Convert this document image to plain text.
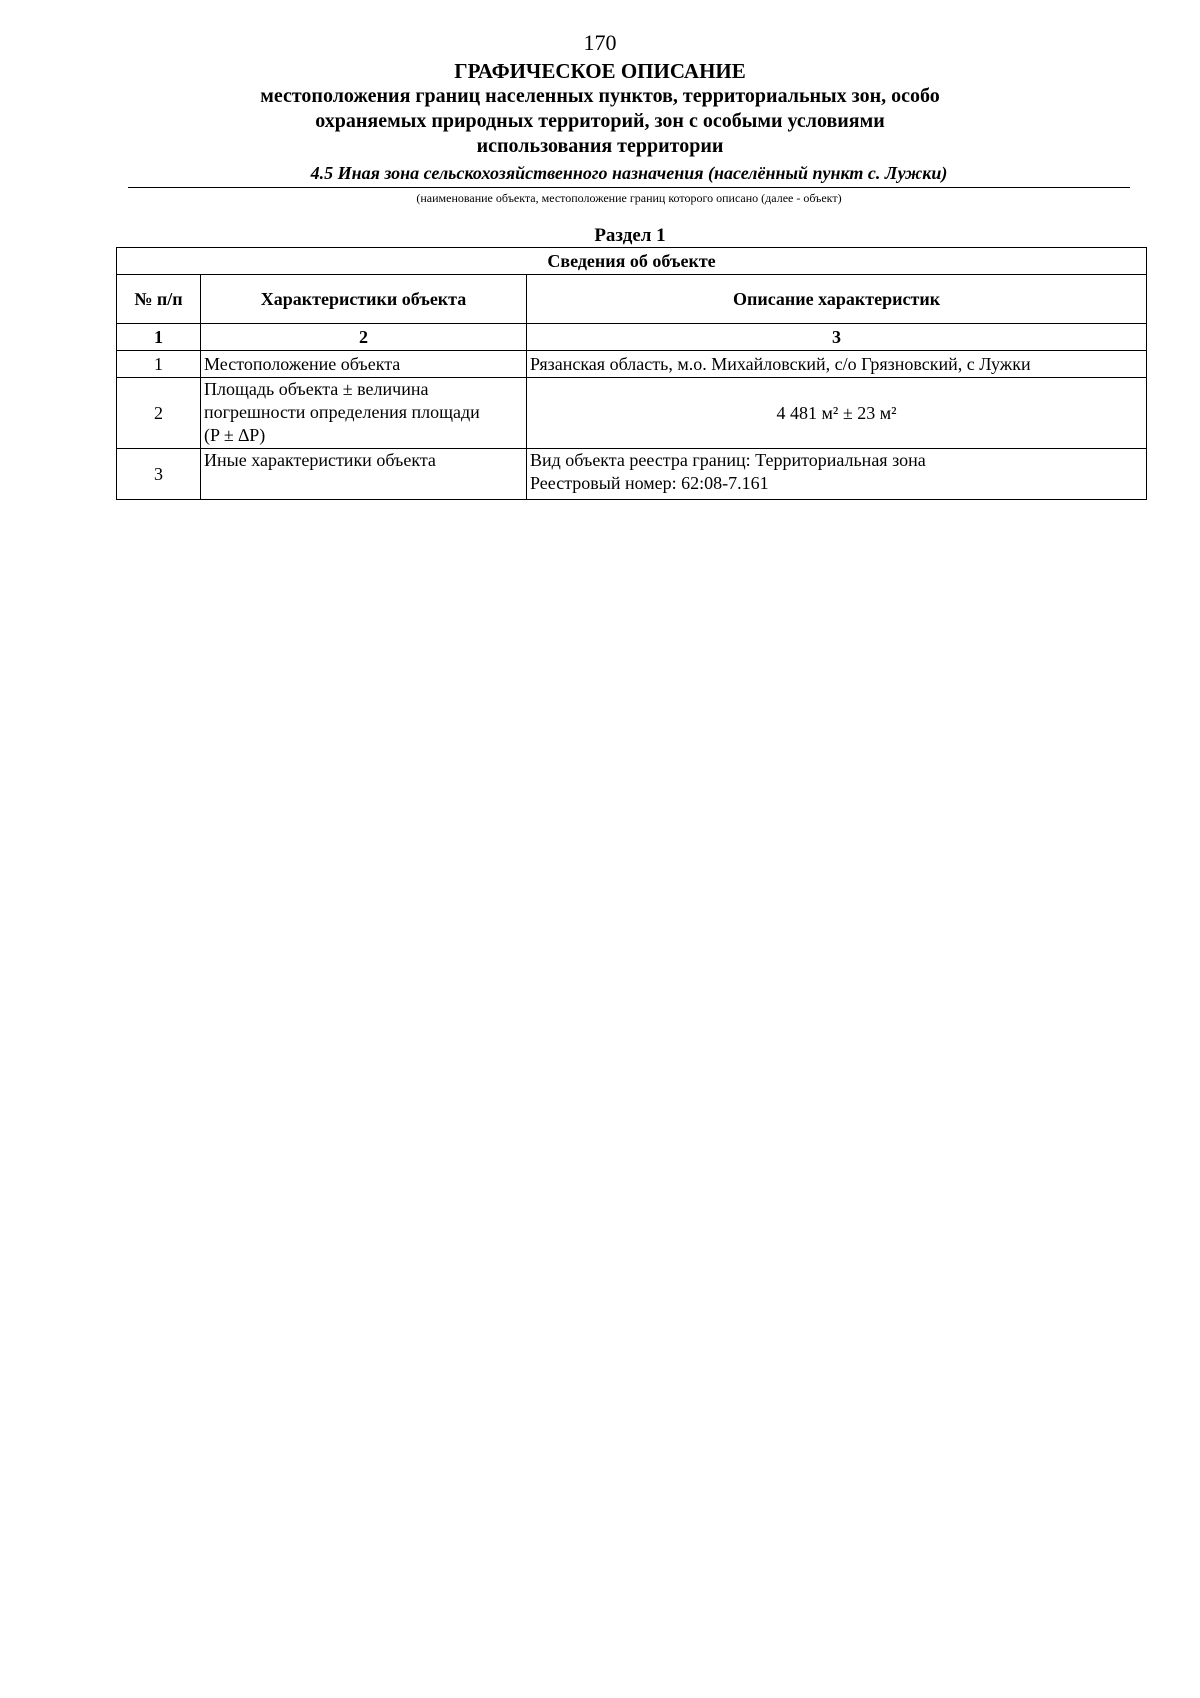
170
ГРАФИЧЕСКОЕ ОПИСАНИЕ
местоположения границ населенных пунктов, территориальных зон, особо охраняемых природных территорий, зон с особыми условиями использования территории
4.5 Иная зона сельскохозяйственного назначения (населённый пункт с. Лужки)
(наименование объекта, местоположение границ которого описано (далее - объект)
Раздел 1
Сведения об объекте		
№ п/п	Характеристики объекта	Описание характеристик
1	2	3
1	Местоположение объекта	Рязанская область, м.о. Михайловский, с/о Грязновский, с Лужки
2	Площадь объекта ± величина
погрешности определения площади
(P ± ∆P)	4 481 м² ± 23 м²
3	Иные характеристики объекта	Вид объекта реестра границ: Территориальная зона
Реестровый номер: 62:08-7.161
